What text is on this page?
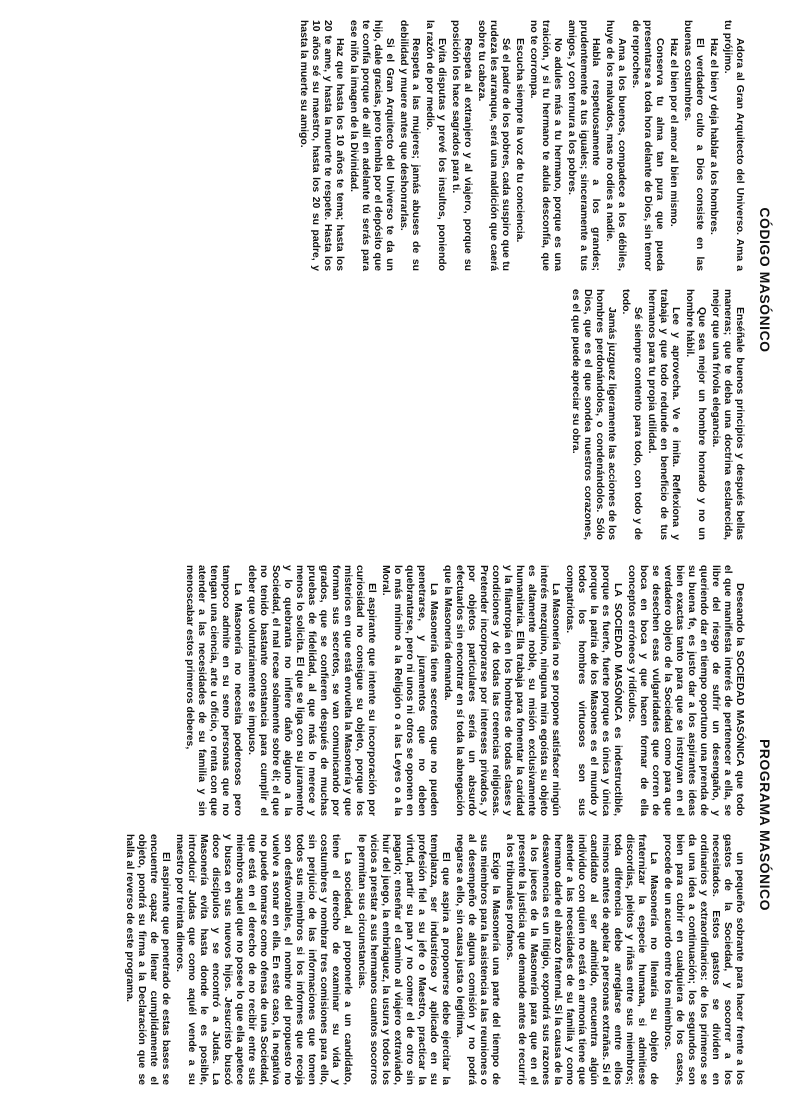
CÓDIGO MASÓNICO

Adora al Gran Arquitecto del Universo. Ama a tu prójimo.

Haz el bien y deja hablar a los hombres.

El verdadero culto a Dios consiste en las buenas costumbres.

Haz el bien por el amor al bien mismo.

Conserva tu alma tan pura que pueda presentarse a toda hora delante de Dios, sin temor de reproches.

Ama a los buenos, compadece a los débiles, huye de los malvados, mas no odies a nadie.

Habla respetuosamente a los grandes; prudentemente a tus iguales; sinceramente a tus amigos, y con ternura a los pobres.

No adules más a tu hermano, porque es una traición, y si tu hermano te adula desconfía, que no te corrompa.

Escucha siempre la voz de tu conciencia.

Sé el padre de los pobres, cada suspiro que tu rudeza les arranque, será una maldición que caerá sobre tu cabeza.

Respeta al extranjero y al viajero, porque su posición los hace sagrados para ti.

Evita disputas y prevé los insultos, poniendo la razón de por medio.

Respeta a las mujeres; jamás abuses de su debilidad y muere antes que deshonrarlas.

Si el Gran Arquitecto del Universo te da un hijo, dale gracias, pero tiembla por el depósito que te confía porque de allí en adelante tú serás para ese niño la imagen de la Divinidad.

Haz que hasta los 10 años te tema; hasta los 20 te ame, y hasta la muerte te respete. Hasta los 10 años sé su maestro, hasta los 20 su padre, y hasta la muerte su amigo.

Enséñale buenos principios y después bellas maneras; que te deba una doctrina esclarecida, mejor que una frívola elegancia.

Que sea mejor un hombre honrado y no un hombre hábil.

Lee y aprovecha. Ve e imita. Reflexiona y trabaja y que todo redunde en beneficio de tus hermanos para tu propia utilidad.

Sé siempre contento para todo, con todo y de todo.

Jamás juzguez ligeramente las acciones de los hombres perdonándolos, o condenándolos. Sólo Dios, que es el que sondea nuestros corazones, es el que puede apreciar su obra.

PROGRAMA MASÓNICO

Deseando la SOCIEDAD MASÓNICA que todo el que manifiesta interés de pertenecer a ella, se libre del riesgo de sufrir un desengaño, y queriendo dar en tiempo oportuno una prenda de su buena fe, es justo dar a los aspirantes ideas bien exactas tanto para que se instruyan en el verdadero objeto de la Sociedad como para que se desechen esas vulgaridades que corren de boca en boca y que hacen formar de ella conceptos erróneos y ridículos.

LA SOCIEDAD MASÓNICA es indestructible, porque es fuerte, fuerte porque es única y única porque la patria de los Masones es el mundo y todos los hombres virtuosos son sus compatriotas.

La Masonería no se propone satisfacer ningún interés mezquino, ninguna mira egoísta su objeto es altamente noble, su misión exclusivamente humanitaria. Ella trabaja para fomentar la caridad y la filantropía en los hombres de todas clases y condiciones y de todas las creencias religiosas. Pretender incorporarse por intereses privados, y por objetos particulares sería un absurdo efectuarlos sin encontrar en sí toda la abnegación que la Masonería demanda.

La Masonería tiene secretos que no pueden penetrarse, y juramentos que no deben quebrantarse, pero ni unos ni otros se oponen en lo más mínimo a la Religión o a las Leyes o a la Moral.

El aspirante que intente su incorporación por curiosidad no consigue su objeto, porque los misterios en que está envuelta la Masonería y que forman sus secretos, se van comunicando por grados, que se confieren después de muchas pruebas de fidelidad, al que más lo merece y menos lo solicita. El que se liga con su juramento y lo quebranta no infiere daño alguno a la Sociedad, el mal recae solamente sobre él; el que no tenido bastante constancia para cumplir el deber que voluntariamente se impuso.

La Masonería no necesita poderosos pero tampoco admite en su seno personas que no tengan una ciencia, arte u oficio, o renta con que atender a las necesidades de su familia y sin menoscabar estos primeros deberes,

un pequeño sobrante para hacer frente a los gastos de la Sociedad, y socorrer a los necesitados. Estos gastos se dividen en ordinarios y extraordinarios: de los primeros se da una idea a continuación; los segundos son bien para cubrir en cualquiera de los casos, procede de un acuerdo entre los miembros.

La Masonería no llenaría su objeto de fraternizar la especie humana, si admitiese discordias, pleitos y riñas entre sus miembros; toda diferencia debe arreglarse entre ellos mismos antes de apelar a personas extrañas. Si el candidato al ser admitido, encuentra algún individuo con quien no está en armonía tiene que atender a las necesidades de su familia y como hermano darle el abrazo fraternal. Si la causa de la desavenencia es un litigio, expondrá sus razones a los jueces de la Masonería para que en el presente la justicia que demande antes de recurrir a los tribunales profanos.

Exige la Masonería una parte del tiempo de sus miembros para la asistencia a las reuniones o al desempeño de alguna comisión y no podrá negarse a ello, sin causa justa o legítima.

El que aspira a proponerse debe ejercitar la templanza, ser industrioso y aplicado en su profesión fiel a su jefe o Maestro, practicar la virtud, partir su pan y no comer el de otro sin pagarlo; enseñar el camino al viajero extraviado, huir del juego, la embriaguez, la usura y todos los vicios a prestar a sus hermanos cuantos socorros le permitan sus circunstancias.

La sociedad, al proponerle a un candidato, tiene el derecho de examinar su vida y costumbres y nombrar tres comisiones para ello, sin perjuicio de las informaciones que tomen todos sus miembros si los informes que recoja son desfavorables, el nombre del propuesto no vuelve a sonar en ella. En este caso, la negativa no puede tomarse como ofensa de una Sociedad, que está en el derecho de no recibir entre sus miembros aquel que no posee lo que ella apetece y busca en sus nuevos hijos. Jesucristo buscó doce discípulos y se encontró a Judas. La Masonería evita hasta donde le es posible, introducir Judas que como aquél vende a su maestro por treinta dineros.

El aspirante que penetrado de estas bases se encuentre capaz de llenar cumplidamente el objeto, pondrá su firma a la Declaración que se halla al reverso de este programa.
